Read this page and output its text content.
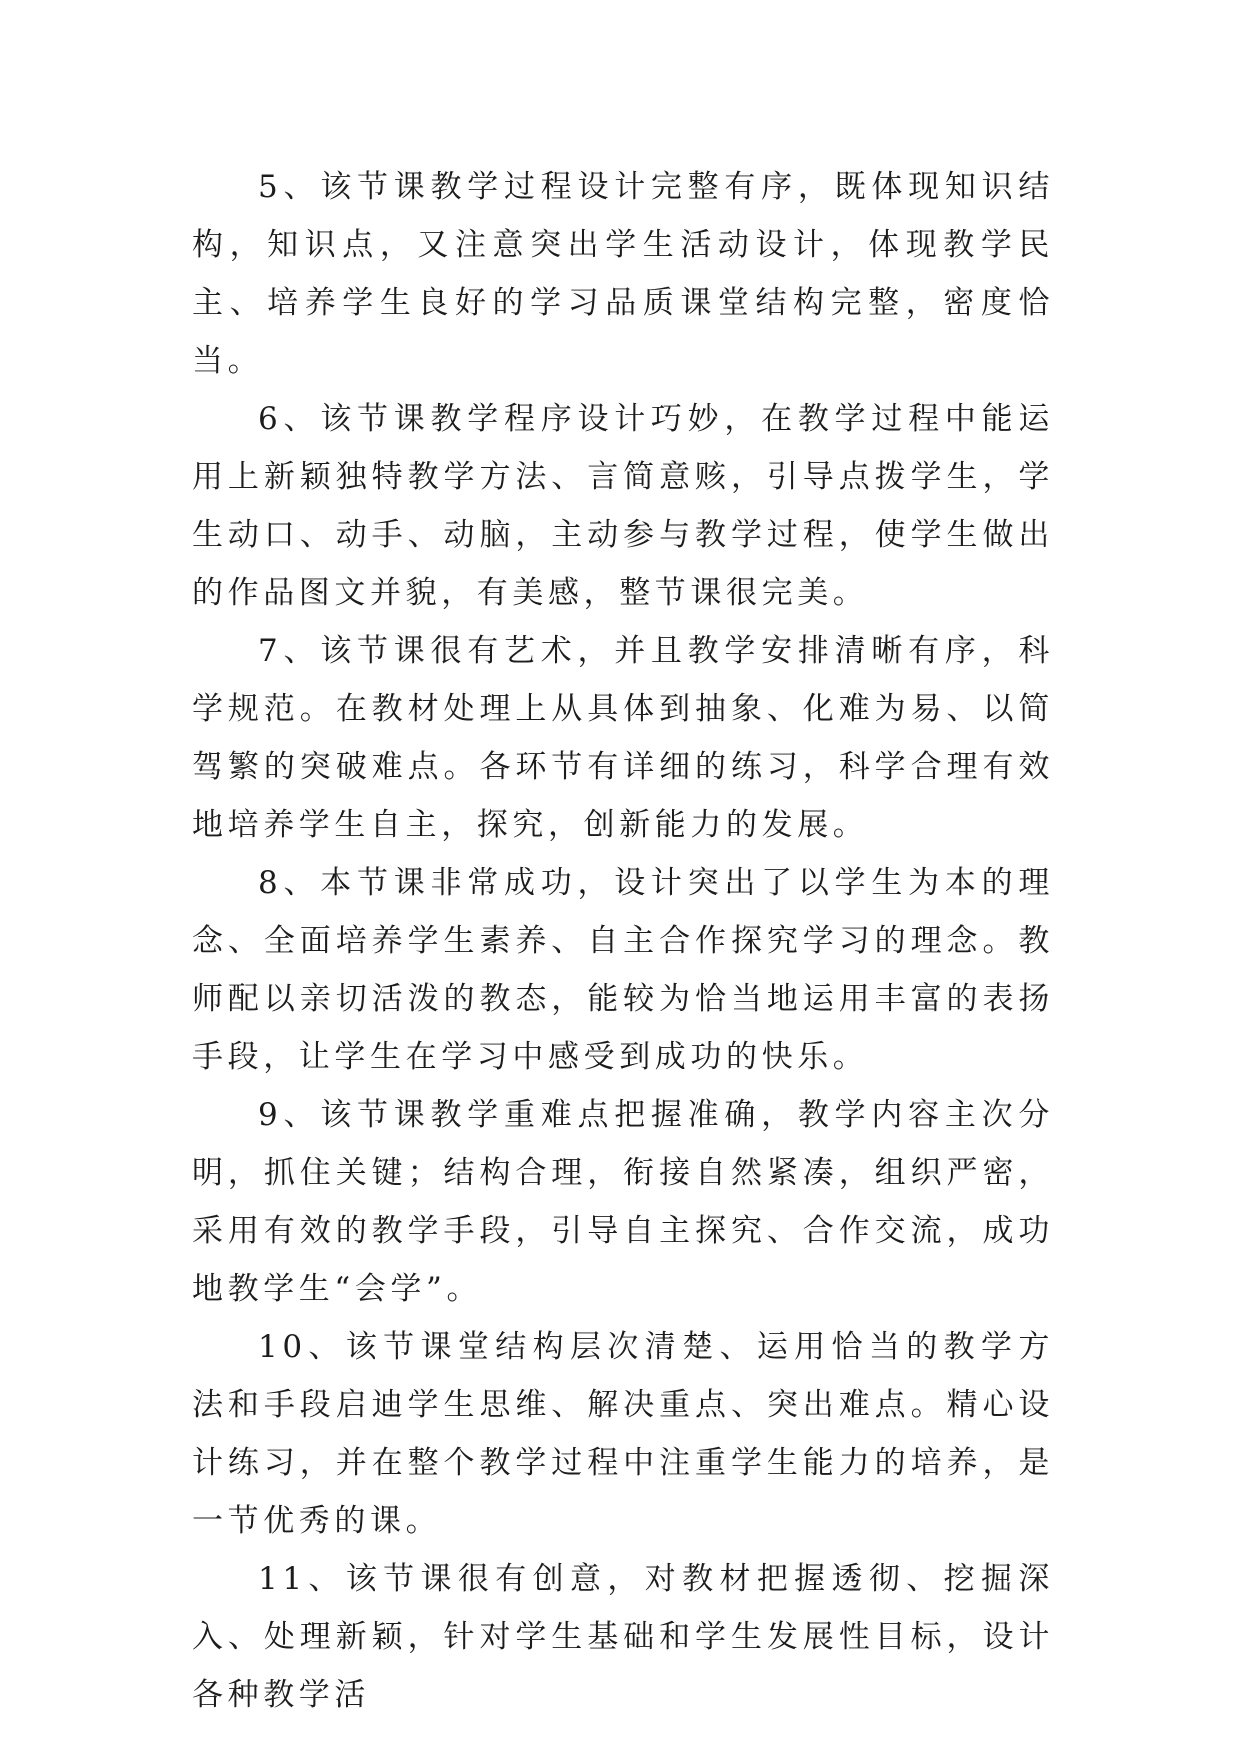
5、该节课教学过程设计完整有序，既体现知识结构，知识点，又注意突出学生活动设计，体现教学民主、培养学生良好的学习品质课堂结构完整，密度恰当。

6、该节课教学程序设计巧妙，在教学过程中能运用上新颖独特教学方法、言简意赅，引导点拨学生，学生动口、动手、动脑，主动参与教学过程，使学生做出的作品图文并貌，有美感，整节课很完美。

7、该节课很有艺术，并且教学安排清晰有序，科学规范。在教材处理上从具体到抽象、化难为易、以简驾繁的突破难点。各环节有详细的练习，科学合理有效地培养学生自主，探究，创新能力的发展。

8、本节课非常成功，设计突出了以学生为本的理念、全面培养学生素养、自主合作探究学习的理念。教师配以亲切活泼的教态，能较为恰当地运用丰富的表扬手段，让学生在学习中感受到成功的快乐。

9、该节课教学重难点把握准确，教学内容主次分明，抓住关键；结构合理，衔接自然紧凑，组织严密，采用有效的教学手段，引导自主探究、合作交流，成功地教学生“会学”。

10、该节课堂结构层次清楚、运用恰当的教学方法和手段启迪学生思维、解决重点、突出难点。精心设计练习，并在整个教学过程中注重学生能力的培养，是一节优秀的课。

11、该节课很有创意，对教材把握透彻、挖掘深入、处理新颖，针对学生基础和学生发展性目标，设计各种教学活
